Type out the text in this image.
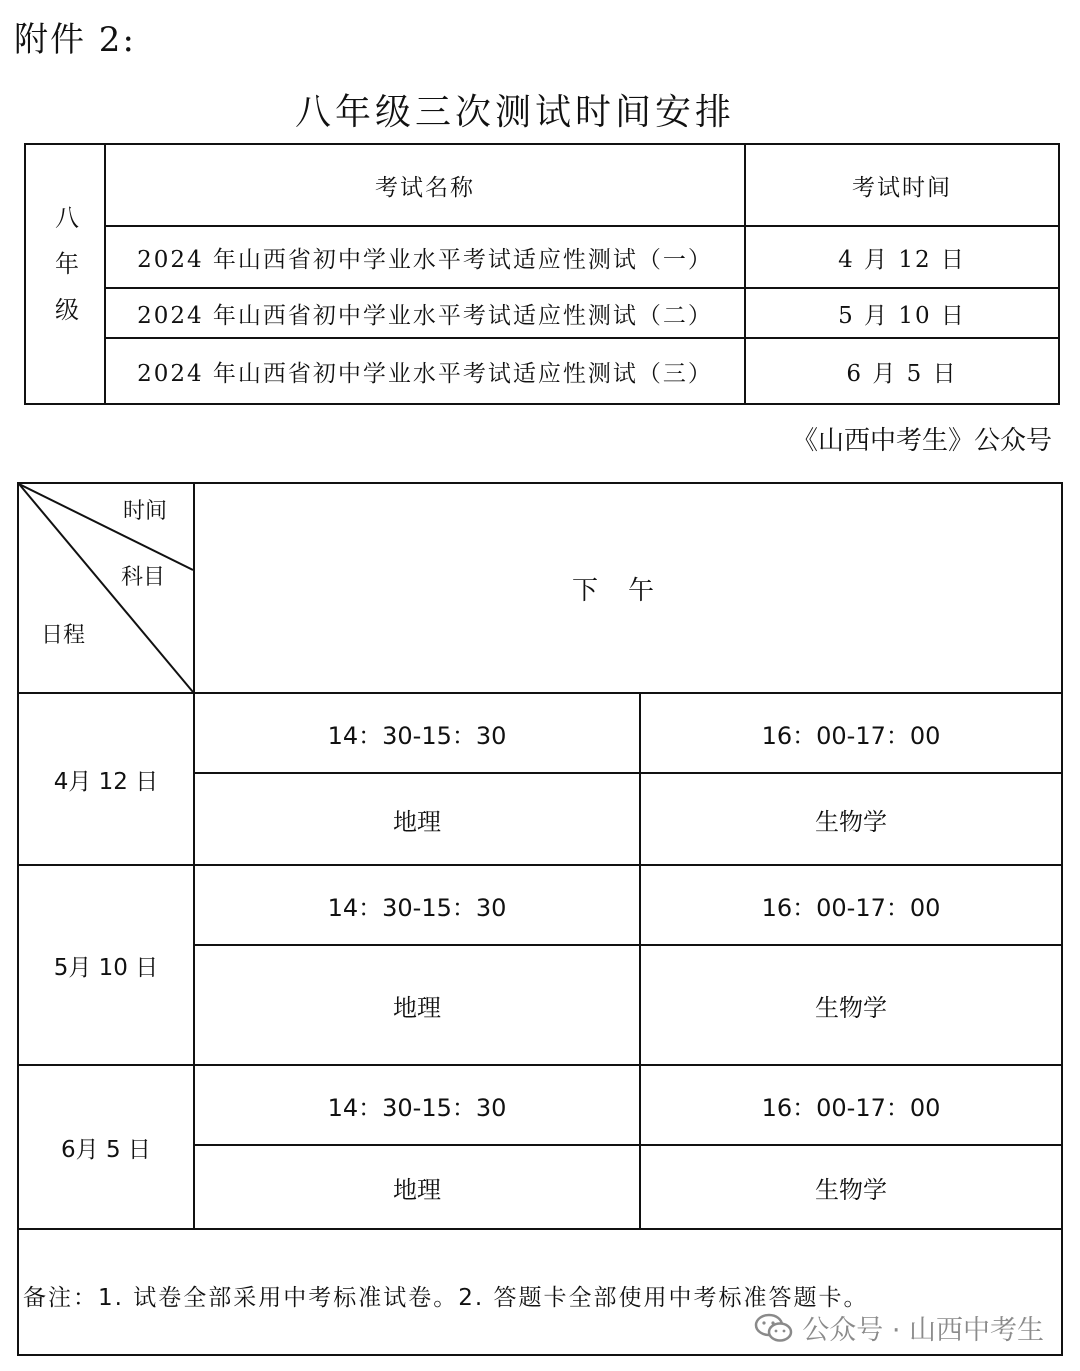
附件 2:
八年级三次测试时间安排
八年级	考试名称	考试时间
	2024 年山西省初中学业水平考试适应性测试（一）	4 月 12 日
	2024 年山西省初中学业水平考试适应性测试（二）	5 月 10 日
	2024 年山西省初中学业水平考试适应性测试（三）	6 月 5 日
《山西中考生》公众号
时间
科目
日程	下午	
4月 12 日	14：30-15：30	16：00-17：00
	地理	生物学
5月 10 日	14：30-15：30	16：00-17：00
	地理	生物学
6月 5 日	14：30-15：30	16：00-17：00
	地理	生物学
备注：1. 试卷全部采用中考标准试卷。2. 答题卡全部使用中考标准答题卡。		
公众号 · 山西中考生
